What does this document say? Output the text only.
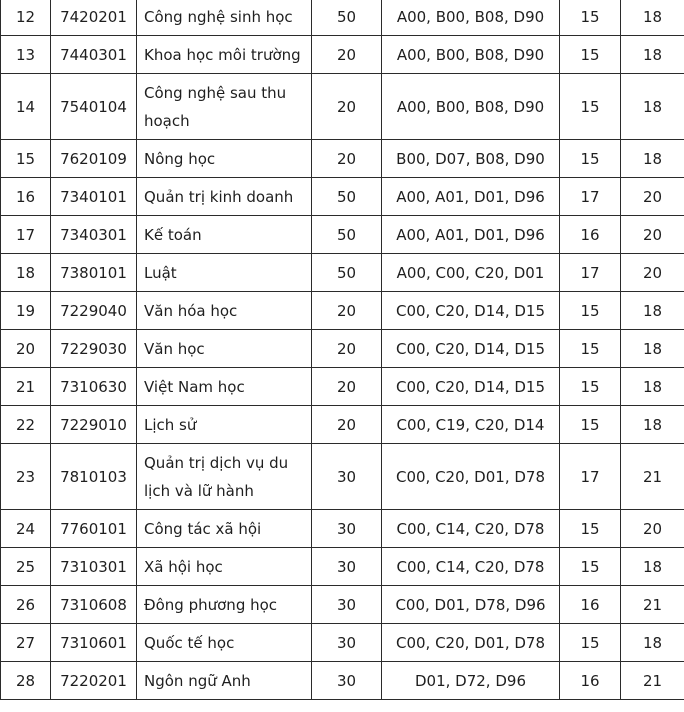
12	7420201	Công nghệ sinh học	50	A00, B00, B08, D90	15	18
13	7440301	Khoa học môi trường	20	A00, B00, B08, D90	15	18
14	7540104	Công nghệ sau thu hoạch	20	A00, B00, B08, D90	15	18
15	7620109	Nông học	20	B00, D07, B08, D90	15	18
16	7340101	Quản trị kinh doanh	50	A00, A01, D01, D96	17	20
17	7340301	Kế toán	50	A00, A01, D01, D96	16	20
18	7380101	Luật	50	A00, C00, C20, D01	17	20
19	7229040	Văn hóa học	20	C00, C20, D14, D15	15	18
20	7229030	Văn học	20	C00, C20, D14, D15	15	18
21	7310630	Việt Nam học	20	C00, C20, D14, D15	15	18
22	7229010	Lịch sử	20	C00, C19, C20, D14	15	18
23	7810103	Quản trị dịch vụ du lịch và lữ hành	30	C00, C20, D01, D78	17	21
24	7760101	Công tác xã hội	30	C00, C14, C20, D78	15	20
25	7310301	Xã hội học	30	C00, C14, C20, D78	15	18
26	7310608	Đông phương học	30	C00, D01, D78, D96	16	21
27	7310601	Quốc tế học	30	C00, C20, D01, D78	15	18
28	7220201	Ngôn ngữ Anh	30	D01, D72, D96	16	21
